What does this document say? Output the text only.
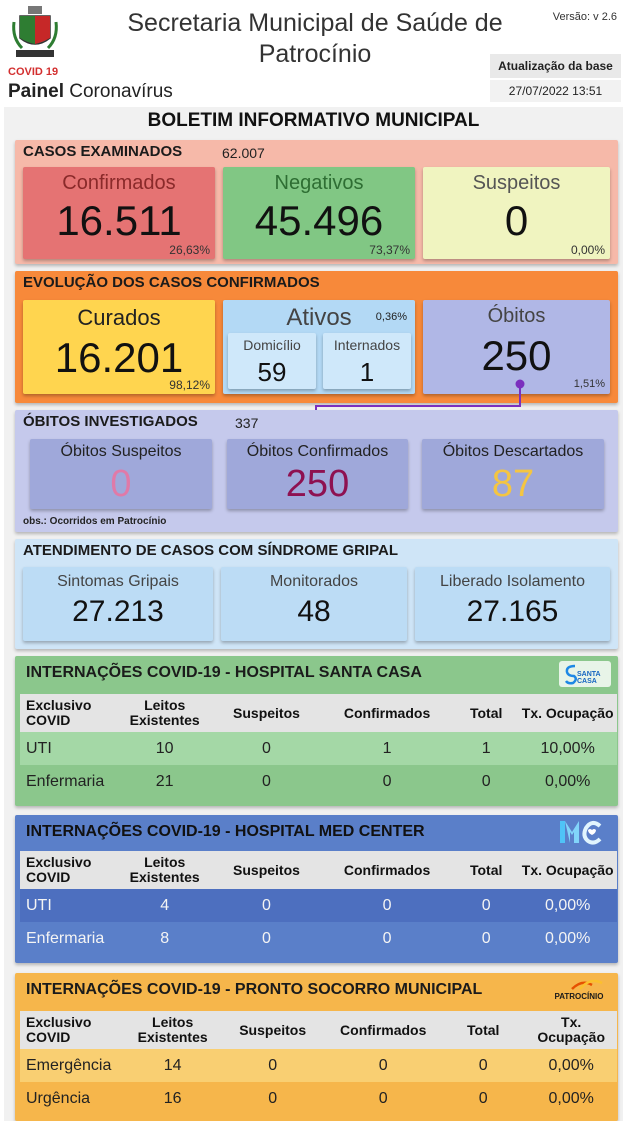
COVID 19
Painel Coronavírus
Secretaria Municipal de Saúde de Patrocínio
Versão: v 2.6
Atualização da base
27/07/2022 13:51
BOLETIM INFORMATIVO MUNICIPAL
CASOS EXAMINADOS	62.007
Confirmados
16.511
26,63%
Negativos
45.496
73,37%
Suspeitos
0
0,00%
EVOLUÇÃO DOS CASOS CONFIRMADOS
Curados
16.201
98,12%
Ativos	0,36%
Domicílio
59
Internados
1
Óbitos
250
1,51%
ÓBITOS INVESTIGADOS	337
Óbitos Suspeitos
0
Óbitos Confirmados
250
Óbitos Descartados
87
obs.: Ocorridos em Patrocínio
ATENDIMENTO DE CASOS COM SÍNDROME GRIPAL
Sintomas Gripais
27.213
Monitorados
48
Liberado Isolamento
27.165
INTERNAÇÕES COVID-19 - HOSPITAL SANTA CASA	SANTA CASA
Exclusivo COVID	Leitos Existentes	Suspeitos	Confirmados	Total	Tx. Ocupação
UTI	10	0	1	1	10,00%
Enfermaria	21	0	0	0	0,00%
INTERNAÇÕES COVID-19 - HOSPITAL MED CENTER
Exclusivo COVID	Leitos Existentes	Suspeitos	Confirmados	Total	Tx. Ocupação
UTI	4	0	0	0	0,00%
Enfermaria	8	0	0	0	0,00%
INTERNAÇÕES COVID-19 - PRONTO SOCORRO MUNICIPAL	PATROCÍNIO
Exclusivo COVID	Leitos Existentes	Suspeitos	Confirmados	Total	Tx. Ocupação
Emergência	14	0	0	0	0,00%
Urgência	16	0	0	0	0,00%
